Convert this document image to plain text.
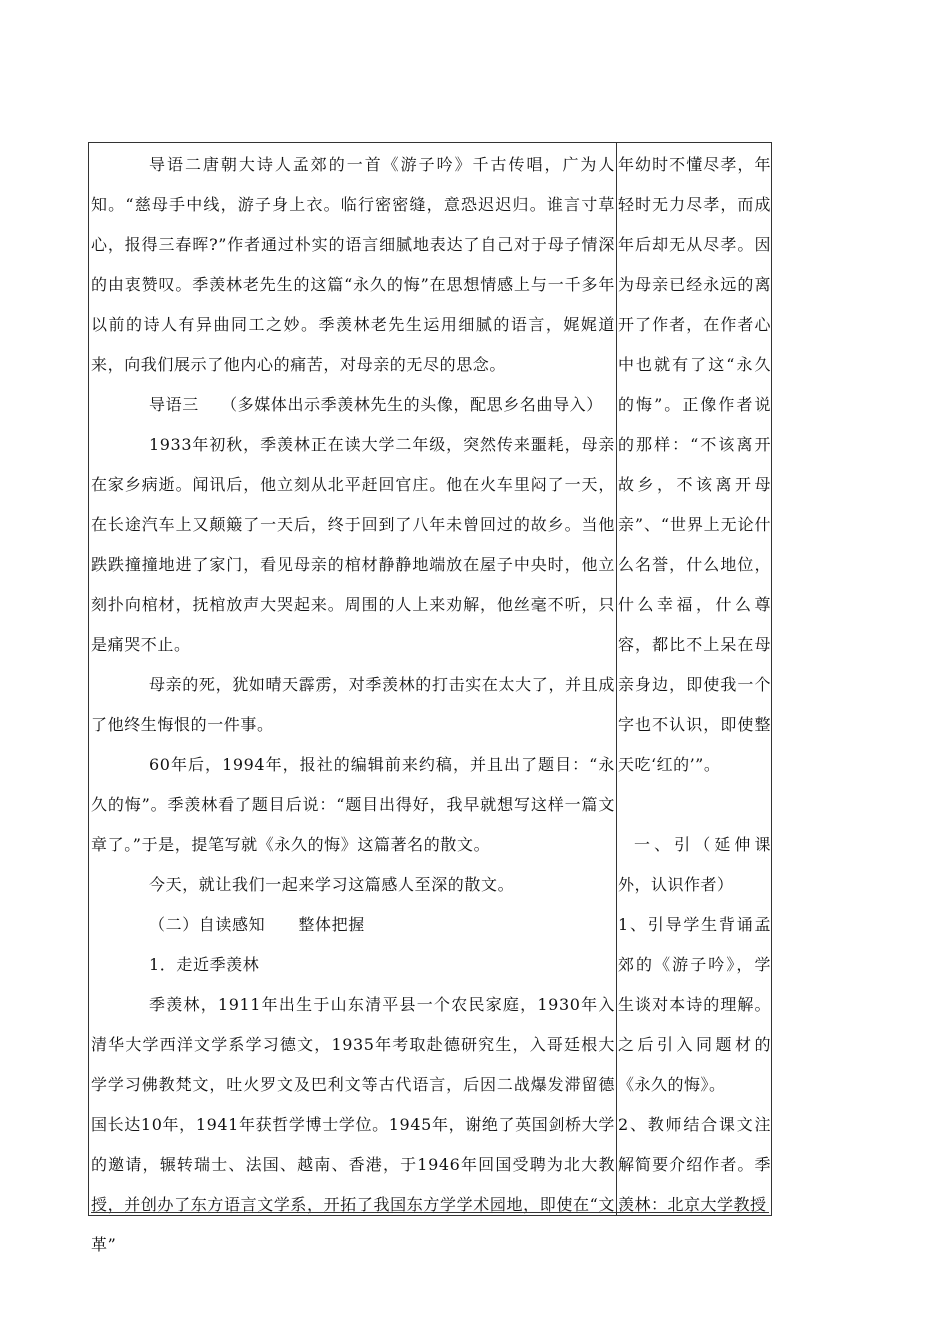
导语二唐朝大诗人孟郊的一首《游子吟》千古传唱，广为人知。“慈母手中线，游子身上衣。临行密密缝，意恐迟迟归。谁言寸草心，报得三春晖?”作者通过朴实的语言细腻地表达了自己对于母子情深的由衷赞叹。季羡林老先生的这篇“永久的悔”在思想情感上与一千多年以前的诗人有异曲同工之妙。季羡林老先生运用细腻的语言，娓娓道来，向我们展示了他内心的痛苦，对母亲的无尽的思念。

导语三　 （多媒体出示季羡林先生的头像，配思乡名曲导入）

1933年初秋，季羡林正在读大学二年级，突然传来噩耗，母亲在家乡病逝。闻讯后，他立刻从北平赶回官庄。他在火车里闷了一天，在长途汽车上又颠簸了一天后，终于回到了八年未曾回过的故乡。当他跌跌撞撞地进了家门，看见母亲的棺材静静地端放在屋子中央时，他立刻扑向棺材，抚棺放声大哭起来。周围的人上来劝解，他丝毫不听，只是痛哭不止。

母亲的死，犹如晴天霹雳，对季羡林的打击实在太大了，并且成了他终生悔恨的一件事。

60年后，1994年，报社的编辑前来约稿，并且出了题目：“永久的悔”。季羡林看了题目后说：“题目出得好，我早就想写这样一篇文章了。”于是，提笔写就《永久的悔》这篇著名的散文。

今天，就让我们一起来学习这篇感人至深的散文。

（二）自读感知　　整体把握

1．走近季羡林

季羡林，1911年出生于山东清平县一个农民家庭，1930年入清华大学西洋文学系学习德文，1935年考取赴德研究生，入哥廷根大学学习佛教梵文，吐火罗文及巴利文等古代语言，后因二战爆发滞留德国长达10年，1941年获哲学博士学位。1945年，谢绝了英国剑桥大学的邀请，辗转瑞士、法国、越南、香港，于1946年回国受聘为北大教授，并创办了东方语言文学系，开拓了我国东方学学术园地，即使在“文革”

年幼时不懂尽孝，年轻时无力尽孝，而成年后却无从尽孝。因为母亲已经永远的离开了作者，在作者心中也就有了这“永久的悔”。正像作者说的那样：“不该离开故乡，不该离开母亲”、“世界上无论什么名誉，什么地位，什么幸福，什么尊容，都比不上呆在母亲身边，即使我一个字也不认识，即使整天吃‘红的’”。

一、引（延伸课外，认识作者）

1、引导学生背诵孟郊的《游子吟》，学生谈对本诗的理解。之后引入同题材的《永久的悔》。

2、教师结合课文注解简要介绍作者。季羡林：北京大学教授
